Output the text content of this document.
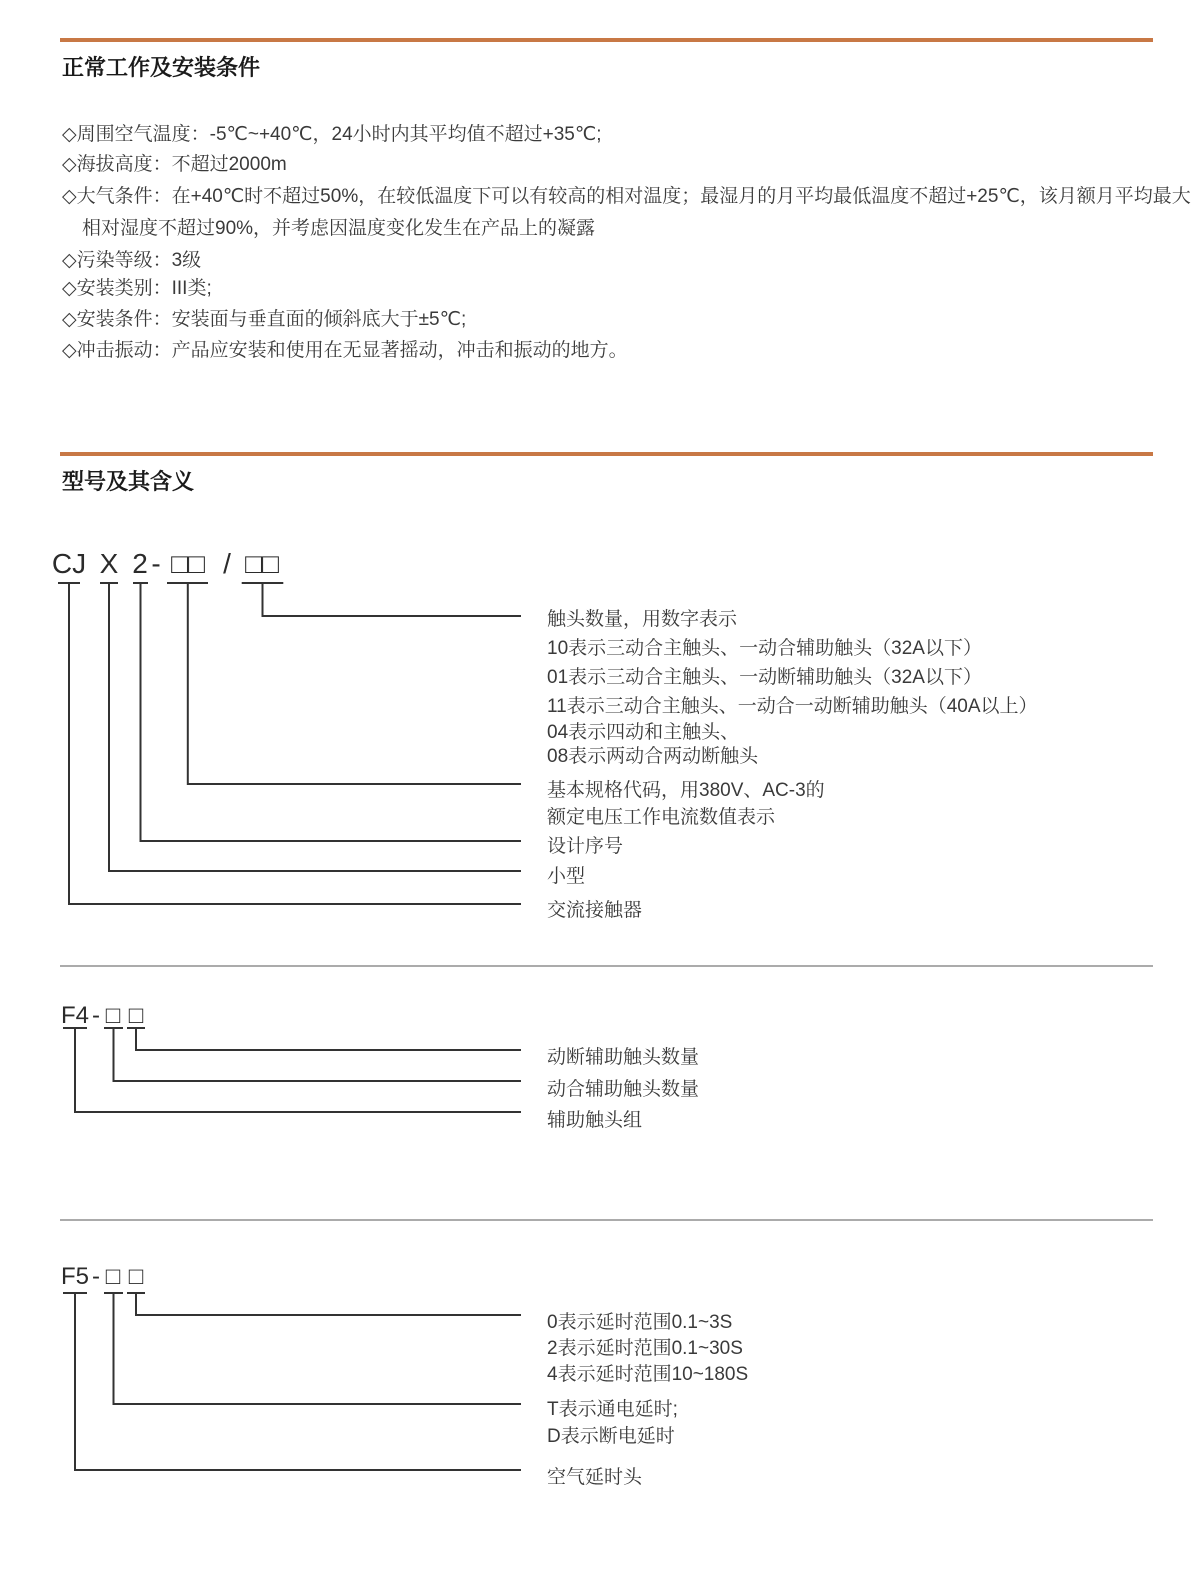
正常工作及安装条件
◇周围空气温度：-5℃~+40℃，24小时内其平均值不超过+35℃;
◇海拔高度：不超过2000m
◇大气条件：在+40℃时不超过50%，在较低温度下可以有较高的相对温度；最湿月的月平均最低温度不超过+25℃，该月额月平均最大
相对湿度不超过90%，并考虑因温度变化发生在产品上的凝露
◇污染等级：3级
◇安装类别：III类;
◇安装条件：安装面与垂直面的倾斜底大于±5℃;
◇冲击振动：产品应安装和使用在无显著摇动，冲击和振动的地方。
型号及其含义
CJ X 2 - □□ / □□
触头数量，用数字表示
10表示三动合主触头、一动合辅助触头（32A以下）
01表示三动合主触头、一动断辅助触头（32A以下）
11表示三动合主触头、一动合一动断辅助触头（40A以上）
04表示四动和主触头、
08表示两动合两动断触头
基本规格代码，用380V、AC-3的
额定电压工作电流数值表示
设计序号
小型
交流接触器
F4 - □ □
动断辅助触头数量
动合辅助触头数量
辅助触头组
F5 - □ □
0表示延时范围0.1~3S
2表示延时范围0.1~30S
4表示延时范围10~180S
T表示通电延时;
D表示断电延时
空气延时头
